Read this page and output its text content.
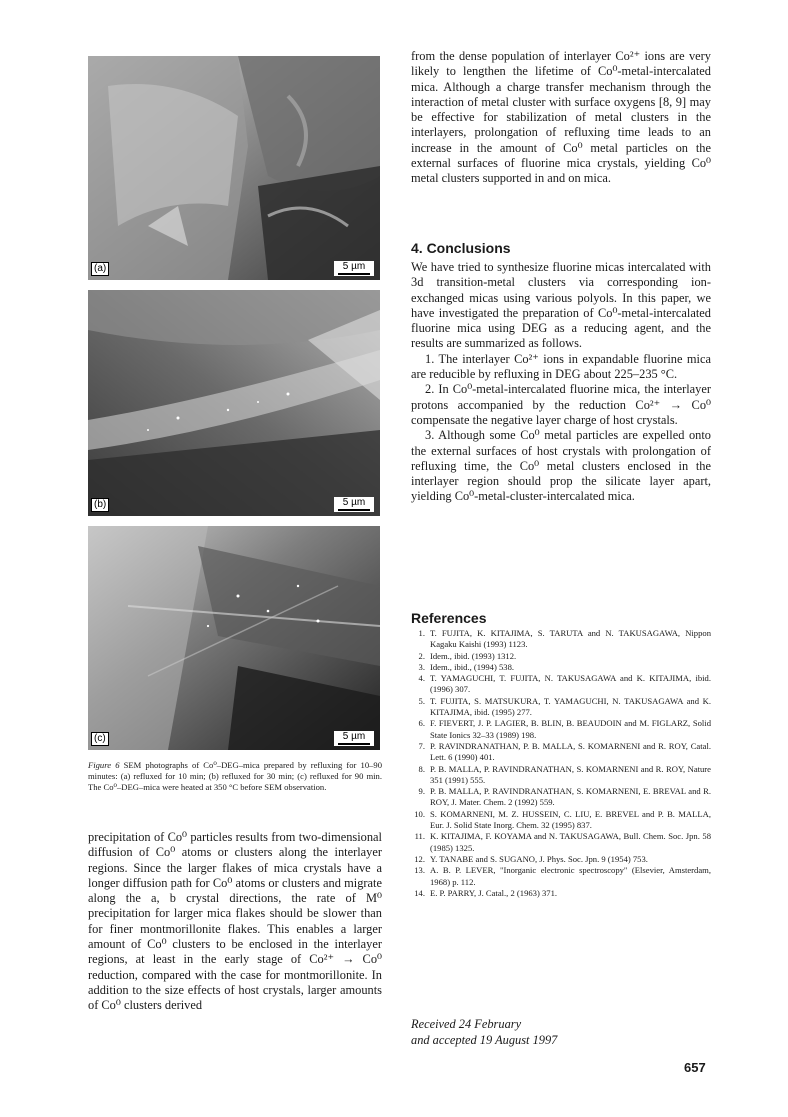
(a)	5 µm
(b)	5 µm
(c)	5 µm
Figure 6 SEM photographs of Co⁰–DEG–mica prepared by refluxing for 10–90 minutes: (a) refluxed for 10 min; (b) refluxed for 30 min; (c) refluxed for 90 min. The Co⁰–DEG–mica were heated at 350 °C before SEM observation.
precipitation of Co⁰ particles results from two-dimensional diffusion of Co⁰ atoms or clusters along the interlayer regions. Since the larger flakes of mica crystals have a longer diffusion path for Co⁰ atoms or clusters and migrate along the a, b crystal directions, the rate of M⁰ precipitation for larger mica flakes should be slower than for finer montmorillonite flakes. This enables a larger amount of Co⁰ clusters to be enclosed in the interlayer regions, at least in the early stage of Co²⁺ → Co⁰ reduction, compared with the case for montmorillonite. In addition to the size effects of host crystals, larger amounts of Co⁰ clusters derived
from the dense population of interlayer Co²⁺ ions are very likely to lengthen the lifetime of Co⁰-metal-intercalated mica. Although a charge transfer mechanism through the interaction of metal cluster with surface oxygens [8, 9] may be effective for stabilization of metal clusters in the interlayers, prolongation of refluxing time leads to an increase in the amount of Co⁰ metal particles on the external surfaces of fluorine mica crystals, yielding Co⁰ metal clusters supported in and on mica.
4. Conclusions

We have tried to synthesize fluorine micas intercalated with 3d transition-metal clusters via corresponding ion-exchanged micas using various polyols. In this paper, we have investigated the preparation of Co⁰-metal-intercalated fluorine mica using DEG as a reducing agent, and the results are summarized as follows.

1. The interlayer Co²⁺ ions in expandable fluorine mica are reducible by refluxing in DEG about 225–235 °C.

2. In Co⁰-metal-intercalated fluorine mica, the interlayer protons accompanied by the reduction Co²⁺ → Co⁰ compensate the negative layer charge of host crystals.

3. Although some Co⁰ metal particles are expelled onto the external surfaces of host crystals with prolongation of refluxing time, the Co⁰ metal clusters enclosed in the interlayer region should prop the silicate layer apart, yielding Co⁰-metal-cluster-intercalated mica.

References
1. T. FUJITA, K. KITAJIMA, S. TARUTA and N. TAKUSAGAWA, Nippon Kagaku Kaishi (1993) 1123.
2. Idem., ibid. (1993) 1312.
3. Idem., ibid., (1994) 538.
4. T. YAMAGUCHI, T. FUJITA, N. TAKUSAGAWA and K. KITAJIMA, ibid. (1996) 307.
5. T. FUJITA, S. MATSUKURA, T. YAMAGUCHI, N. TAKUSAGAWA and K. KITAJIMA, ibid. (1995) 277.
6. F. FIEVERT, J. P. LAGIER, B. BLIN, B. BEAUDOIN and M. FIGLARZ, Solid State Ionics 32–33 (1989) 198.
7. P. RAVINDRANATHAN, P. B. MALLA, S. KOMARNENI and R. ROY, Catal. Lett. 6 (1990) 401.
8. P. B. MALLA, P. RAVINDRANATHAN, S. KOMARNENI and R. ROY, Nature 351 (1991) 555.
9. P. B. MALLA, P. RAVINDRANATHAN, S. KOMARNENI, E. BREVAL and R. ROY, J. Mater. Chem. 2 (1992) 559.
10. S. KOMARNENI, M. Z. HUSSEIN, C. LIU, E. BREVEL and P. B. MALLA, Eur. J. Solid State Inorg. Chem. 32 (1995) 837.
11. K. KITAJIMA, F. KOYAMA and N. TAKUSAGAWA, Bull. Chem. Soc. Jpn. 58 (1985) 1325.
12. Y. TANABE and S. SUGANO, J. Phys. Soc. Jpn. 9 (1954) 753.
13. A. B. P. LEVER, "Inorganic electronic spectroscopy" (Elsevier, Amsterdam, 1968) p. 112.
14. E. P. PARRY, J. Catal., 2 (1963) 371.
Received 24 February
and accepted 19 August 1997
657
